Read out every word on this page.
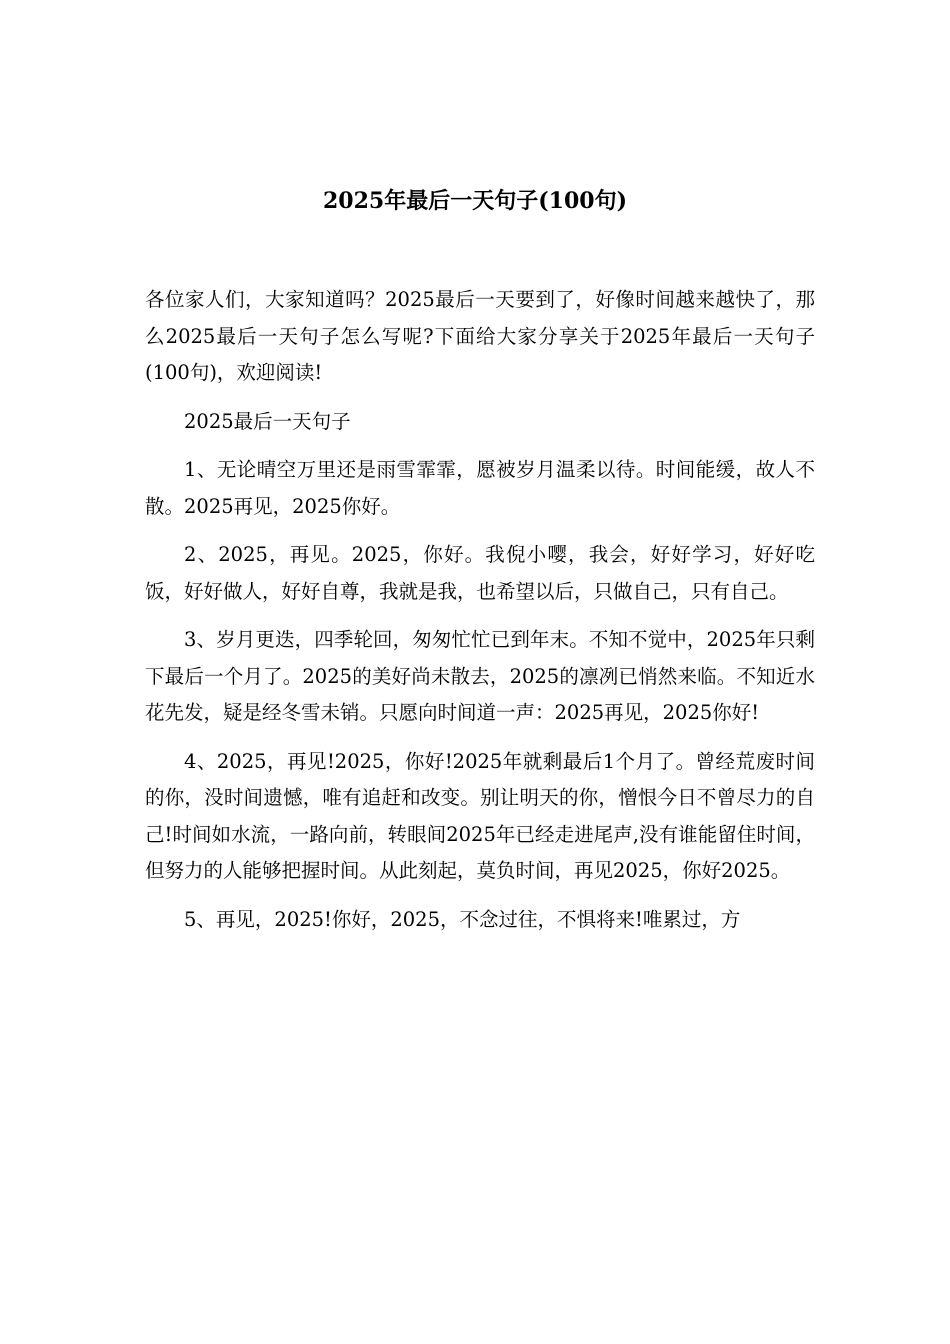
2025年最后一天句子(100句)

各位家人们，大家知道吗？2025最后一天要到了，好像时间越来越快了，那么2025最后一天句子怎么写呢?下面给大家分享关于2025年最后一天句子(100句)，欢迎阅读!

2025最后一天句子

1、无论晴空万里还是雨雪霏霏，愿被岁月温柔以待。时间能缓，故人不散。2025再见，2025你好。

2、2025，再见。2025，你好。我倪小嘤，我会，好好学习，好好吃饭，好好做人，好好自尊，我就是我，也希望以后，只做自己，只有自己。

3、岁月更迭，四季轮回，匆匆忙忙已到年末。不知不觉中，2025年只剩下最后一个月了。2025的美好尚未散去，2025的凛冽已悄然来临。不知近水花先发，疑是经冬雪未销。只愿向时间道一声：2025再见，2025你好!

4、2025，再见!2025，你好!2025年就剩最后1个月了。曾经荒废时间的你，没时间遗憾，唯有追赶和改变。别让明天的你，憎恨今日不曾尽力的自己!时间如水流，一路向前，转眼间2025年已经走进尾声,没有谁能留住时间，但努力的人能够把握时间。从此刻起，莫负时间，再见2025，你好2025。

5、再见，2025!你好，2025，不念过往，不惧将来!唯累过，方
